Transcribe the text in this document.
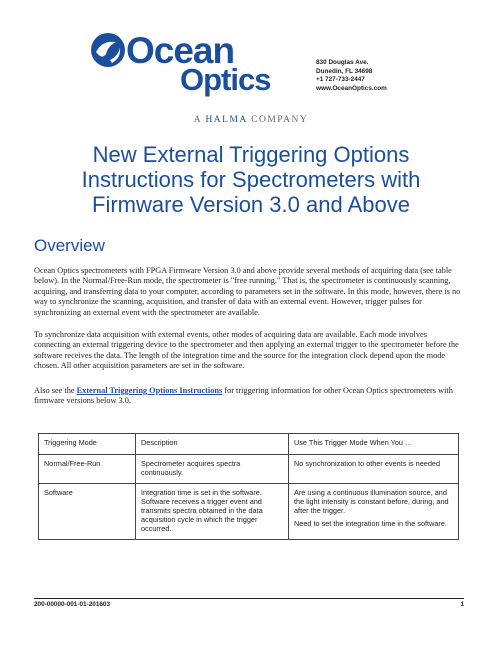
Ocean
Optics	830 Douglas Ave.
Dunedin, FL 34698
+1 727-733-2447
www.OceanOptics.com
A HALMA COMPANY
New External Triggering Options
Instructions for Spectrometers with
Firmware Version 3.0 and Above
Overview
Ocean Optics spectrometers with FPGA Firmware Version 3.0 and above provide several methods of acquiring data (see table below). In the Normal/Free-Run mode, the spectrometer is "free running." That is, the spectrometer is continuously scanning, acquiring, and transferring data to your computer, according to parameters set in the software. In this mode, however, there is no way to synchronize the scanning, acquisition, and transfer of data with an external event. However, trigger pulses for synchronizing an external event with the spectrometer are available.
To synchronize data acquisition with external events, other modes of acquiring data are available. Each mode involves connecting an external triggering device to the spectrometer and then applying an external trigger to the spectrometer before the software receives the data. The length of the integration time and the source for the integration clock depend upon the mode chosen. All other acquisition parameters are set in the software.
Also see the External Triggering Options Instructions for triggering information for other Ocean Optics spectrometers with firmware versions below 3.0.
Triggering Mode	Description	Use This Trigger Mode When You …
Normal/Free-Run	Spectrometer acquires spectra continuously.	No synchronization to other events is needed

Software	Integration time is set in the software. Software receives a trigger event and transmits spectra obtained in the data acquisition cycle in which the trigger occurred.	Are using a continuous illumination source, and the light intensity is constant before, during, and after the trigger.

Need to set the integration time in the software.

200-00000-001-01-201603	1
